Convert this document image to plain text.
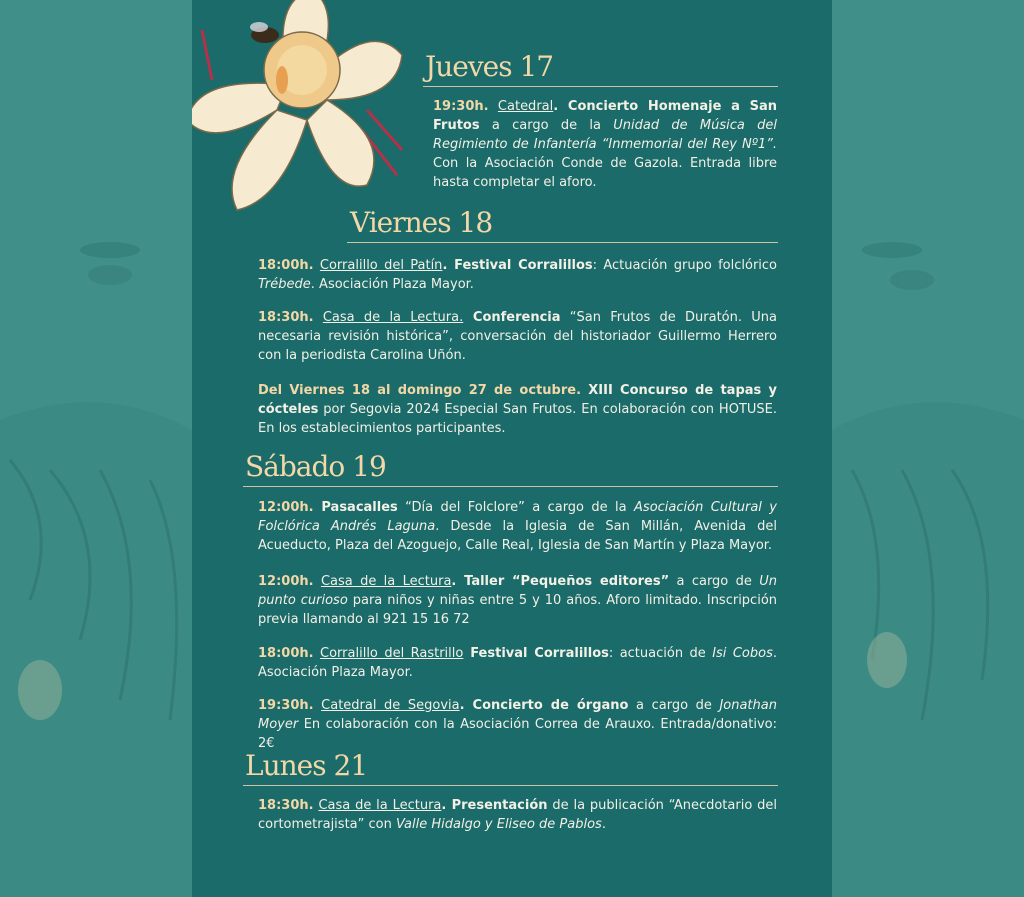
Jueves 17
19:30h. Catedral. Concierto Homenaje a San Frutos a cargo de la Unidad de Música del Regimiento de Infantería “Inmemorial del Rey Nº1”. Con la Asociación Conde de Gazola. Entrada libre hasta completar el aforo.
Viernes 18
18:00h. Corralillo del Patín. Festival Corralillos: Actuación grupo folclórico Trébede. Asociación Plaza Mayor.
18:30h. Casa de la Lectura. Conferencia “San Frutos de Duratón. Una necesaria revisión histórica”, conversación del historiador Guillermo Herrero con la periodista Carolina Uñón.
Del Viernes 18 al domingo 27 de octubre. XIII Concurso de tapas y cócteles por Segovia 2024 Especial San Frutos. En colaboración con HOTUSE. En los establecimientos participantes.
Sábado 19
12:00h. Pasacalles “Día del Folclore” a cargo de la Asociación Cultural y Folclórica Andrés Laguna. Desde la Iglesia de San Millán, Avenida del Acueducto, Plaza del Azoguejo, Calle Real, Iglesia de San Martín y Plaza Mayor.
12:00h. Casa de la Lectura. Taller “Pequeños editores” a cargo de Un punto curioso para niños y niñas entre 5 y 10 años. Aforo limitado. Inscripción previa llamando al 921 15 16 72
18:00h. Corralillo del Rastrillo Festival Corralillos: actuación de Isi Cobos. Asociación Plaza Mayor.
19:30h. Catedral de Segovia. Concierto de órgano a cargo de Jonathan Moyer En colaboración con la Asociación Correa de Arauxo. Entrada/donativo: 2€
Lunes 21
18:30h. Casa de la Lectura. Presentación de la publicación “Anecdotario del cortometrajista” con Valle Hidalgo y Eliseo de Pablos.
